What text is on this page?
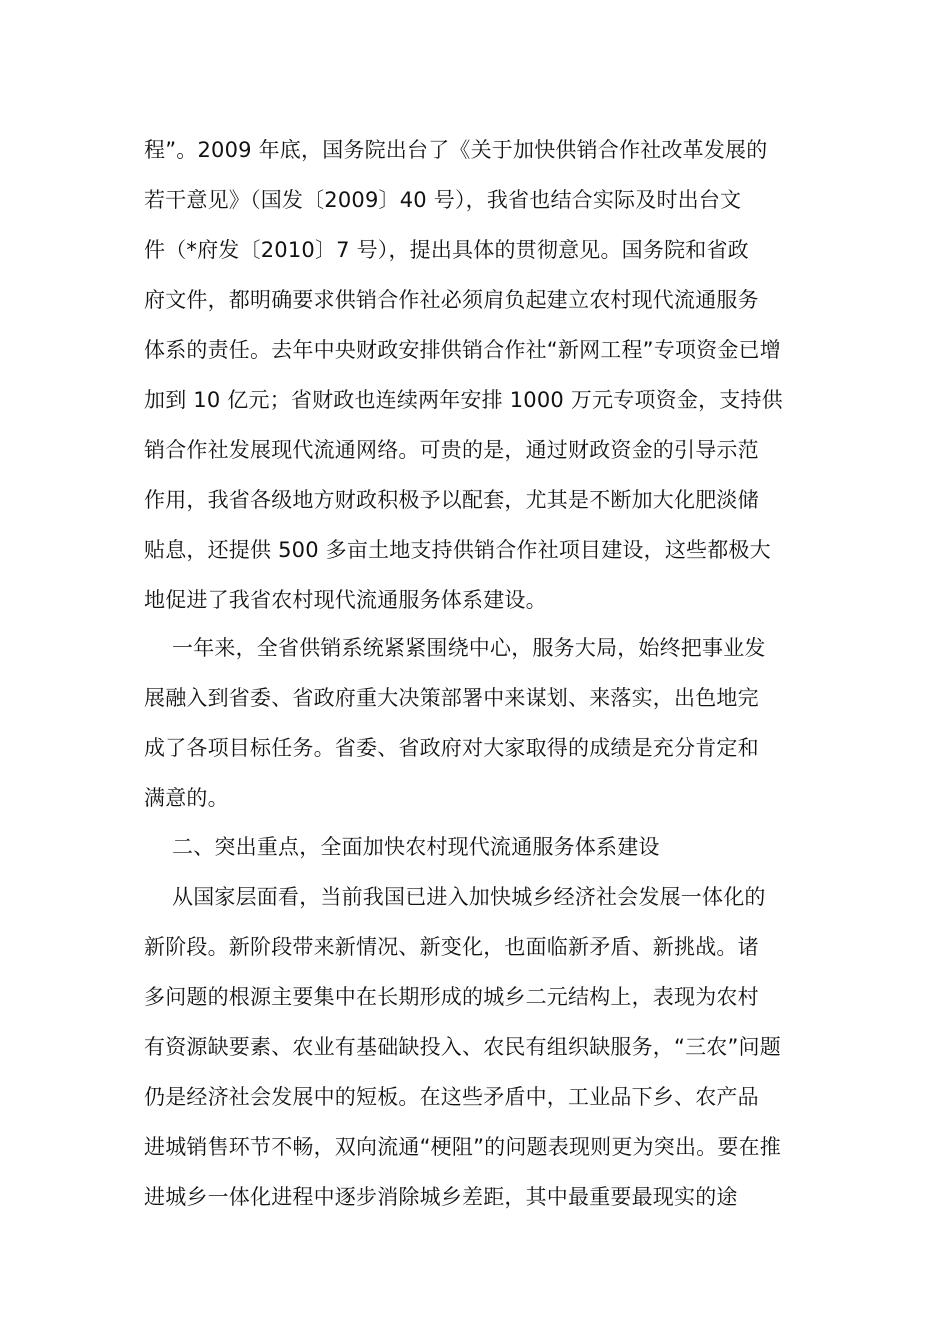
程”。2009 年底，国务院出台了《关于加快供销合作社改革发展的
若干意见》（国发〔2009〕40 号），我省也结合实际及时出台文
件（*府发〔2010〕7 号），提出具体的贯彻意见。国务院和省政
府文件，都明确要求供销合作社必须肩负起建立农村现代流通服务
体系的责任。去年中央财政安排供销合作社“新网工程”专项资金已增
加到 10 亿元；省财政也连续两年安排 1000 万元专项资金，支持供
销合作社发展现代流通网络。可贵的是，通过财政资金的引导示范
作用，我省各级地方财政积极予以配套，尤其是不断加大化肥淡储
贴息，还提供 500 多亩土地支持供销合作社项目建设，这些都极大
地促进了我省农村现代流通服务体系建设。
一年来，全省供销系统紧紧围绕中心，服务大局，始终把事业发
展融入到省委、省政府重大决策部署中来谋划、来落实，出色地完
成了各项目标任务。省委、省政府对大家取得的成绩是充分肯定和
满意的。
二、突出重点，全面加快农村现代流通服务体系建设
从国家层面看，当前我国已进入加快城乡经济社会发展一体化的
新阶段。新阶段带来新情况、新变化，也面临新矛盾、新挑战。诸
多问题的根源主要集中在长期形成的城乡二元结构上，表现为农村
有资源缺要素、农业有基础缺投入、农民有组织缺服务，“三农”问题
仍是经济社会发展中的短板。在这些矛盾中，工业品下乡、农产品
进城销售环节不畅，双向流通“梗阻”的问题表现则更为突出。要在推
进城乡一体化进程中逐步消除城乡差距，其中最重要最现实的途
